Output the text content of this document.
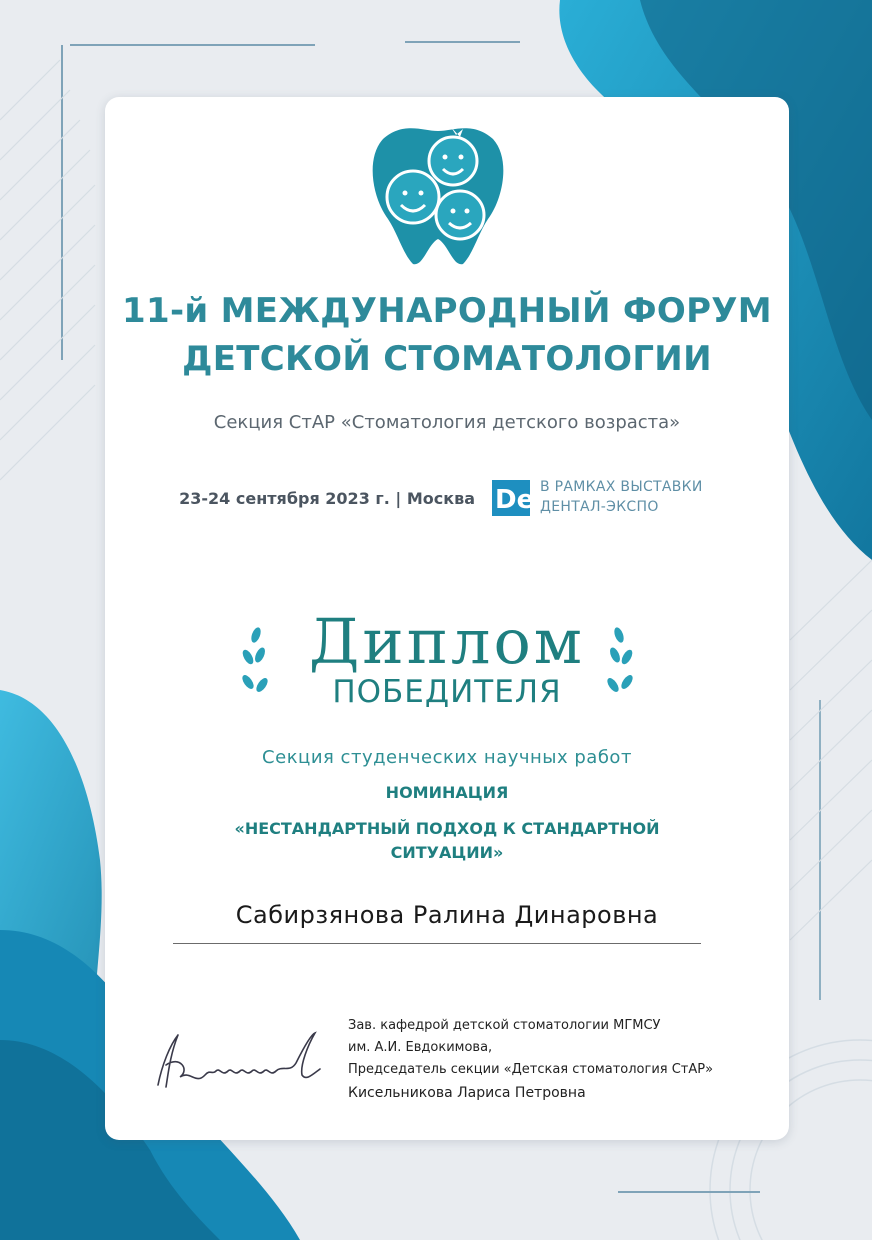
11-й МЕЖДУНАРОДНЫЙ ФОРУМ
ДЕТСКОЙ СТОМАТОЛОГИИ
Секция СтАР «Стоматология детского возраста»
23-24 сентября 2023 г. | Москва De В РАМКАХ ВЫСТАВКИ
ДЕНТАЛ-ЭКСПО
Диплом
ПОБЕДИТЕЛЯ
Секция студенческих научных работ
НОМИНАЦИЯ
«НЕСТАНДАРТНЫЙ ПОДХОД К СТАНДАРТНОЙ
СИТУАЦИИ»
Сабирзянова Ралина Динаровна
Зав. кафедрой детской стоматологии МГМСУ
им. А.И. Евдокимова,
Председатель секции «Детская стоматология СтАР»
Кисельникова Лариса Петровна
